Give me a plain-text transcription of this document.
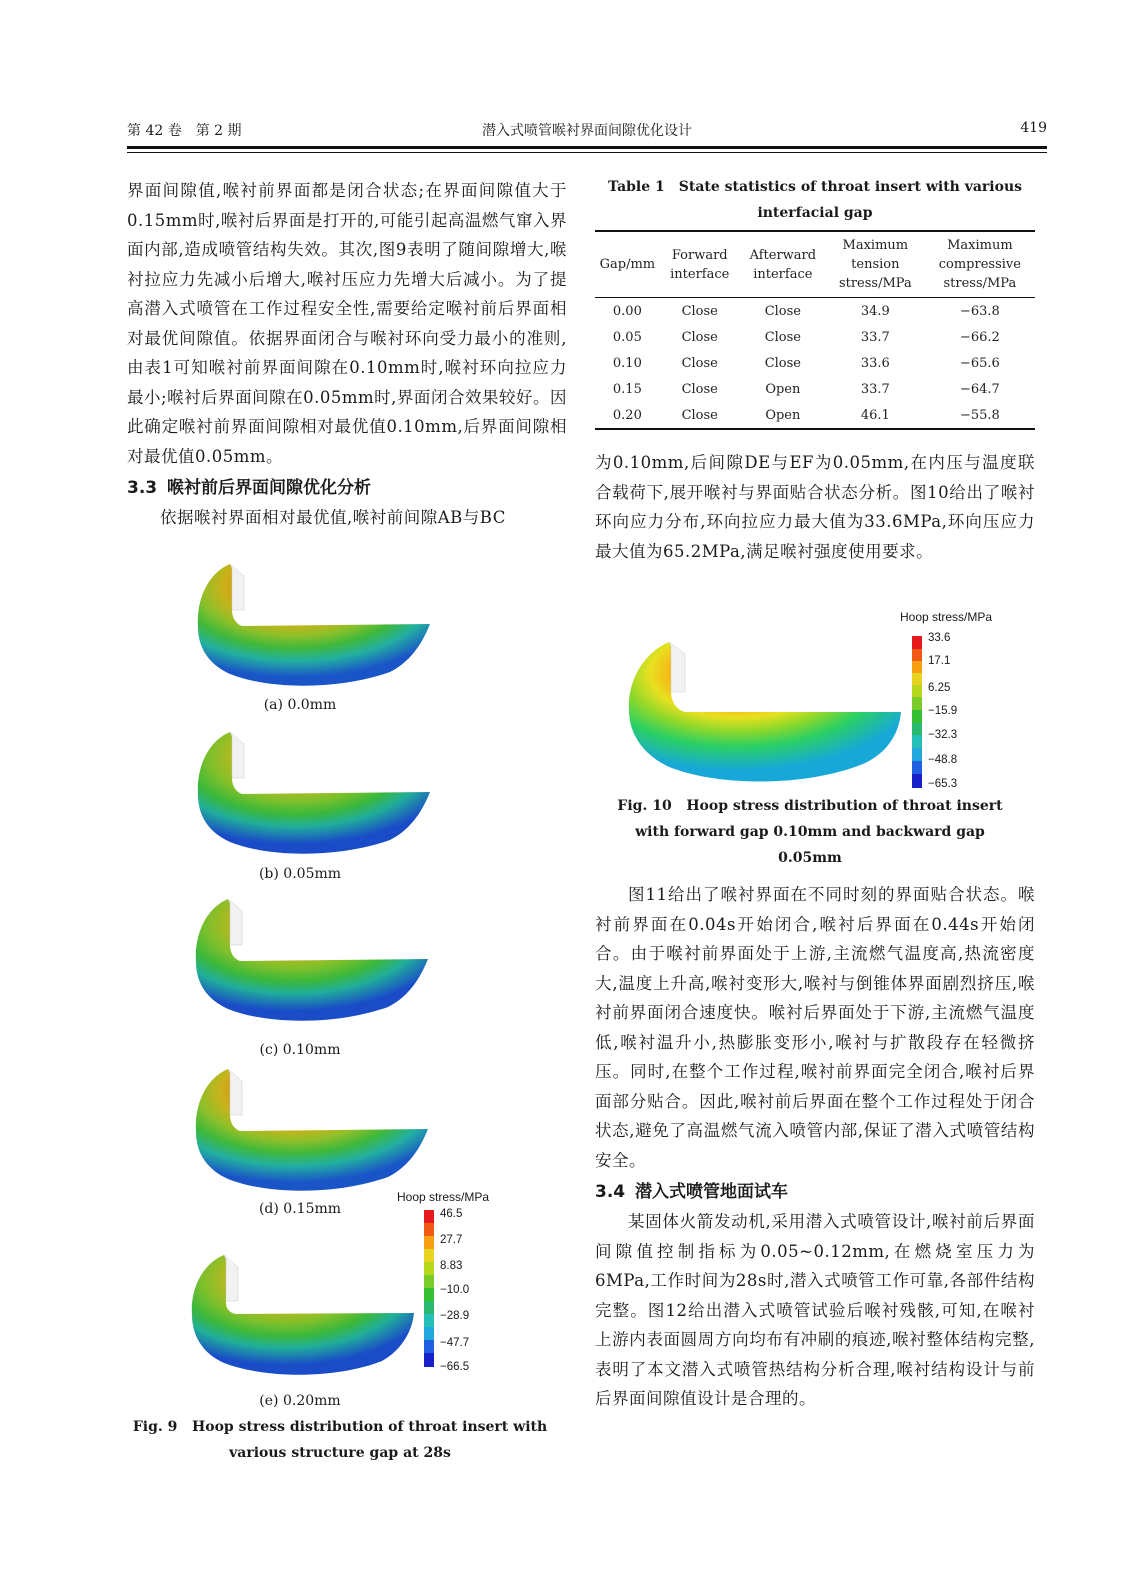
第 42 卷　第 2 期	潜入式喷管喉衬界面间隙优化设计	419

界面间隙值,喉衬前界面都是闭合状态;在界面间隙值大于0.15mm时,喉衬后界面是打开的,可能引起高温燃气窜入界面内部,造成喷管结构失效。其次,图9表明了随间隙增大,喉衬拉应力先减小后增大,喉衬压应力先增大后减小。为了提高潜入式喷管在工作过程安全性,需要给定喉衬前后界面相对最优间隙值。依据界面闭合与喉衬环向受力最小的准则,由表1可知喉衬前界面间隙在0.10mm时,喉衬环向拉应力最小;喉衬后界面间隙在0.05mm时,界面闭合效果较好。因此确定喉衬前界面间隙相对最优值0.10mm,后界面间隙相对最优值0.05mm。

3.3 喉衬前后界面间隙优化分析

依据喉衬界面相对最优值,喉衬前间隙AB与BC

(a) 0.0mm
(b) 0.05mm
(c) 0.10mm
(d) 0.15mm
(e) 0.20mm
Hoop stress/MPa
46.5
27.7
8.83
−10.0
−28.9
−47.7
−66.5
Fig. 9 Hoop stress distribution of throat insert with various structure gap at 28s
Table 1 State statistics of throat insert with various interfacial gap
Gap/mm	Forward interface	Afterward interface	Maximum tension stress/MPa	Maximum compressive stress/MPa
0.00	Close	Close	34.9	−63.8
0.05	Close	Close	33.7	−66.2
0.10	Close	Close	33.6	−65.6
0.15	Close	Open	33.7	−64.7
0.20	Close	Open	46.1	−55.8

为0.10mm,后间隙DE与EF为0.05mm,在内压与温度联合载荷下,展开喉衬与界面贴合状态分析。图10给出了喉衬环向应力分布,环向拉应力最大值为33.6MPa,环向压应力最大值为65.2MPa,满足喉衬强度使用要求。

Hoop stress/MPa
33.6
17.1
6.25
−15.9
−32.3
−48.8
−65.3
Fig. 10 Hoop stress distribution of throat insert with forward gap 0.10mm and backward gap 0.05mm

图11给出了喉衬界面在不同时刻的界面贴合状态。喉衬前界面在0.04s开始闭合,喉衬后界面在0.44s开始闭合。由于喉衬前界面处于上游,主流燃气温度高,热流密度大,温度上升高,喉衬变形大,喉衬与倒锥体界面剧烈挤压,喉衬前界面闭合速度快。喉衬后界面处于下游,主流燃气温度低,喉衬温升小,热膨胀变形小,喉衬与扩散段存在轻微挤压。同时,在整个工作过程,喉衬前界面完全闭合,喉衬后界面部分贴合。因此,喉衬前后界面在整个工作过程处于闭合状态,避免了高温燃气流入喷管内部,保证了潜入式喷管结构安全。

3.4 潜入式喷管地面试车

某固体火箭发动机,采用潜入式喷管设计,喉衬前后界面间隙值控制指标为0.05~0.12mm,在燃烧室压力为6MPa,工作时间为28s时,潜入式喷管工作可靠,各部件结构完整。图12给出潜入式喷管试验后喉衬残骸,可知,在喉衬上游内表面圆周方向均布有冲刷的痕迹,喉衬整体结构完整,表明了本文潜入式喷管热结构分析合理,喉衬结构设计与前后界面间隙值设计是合理的。
